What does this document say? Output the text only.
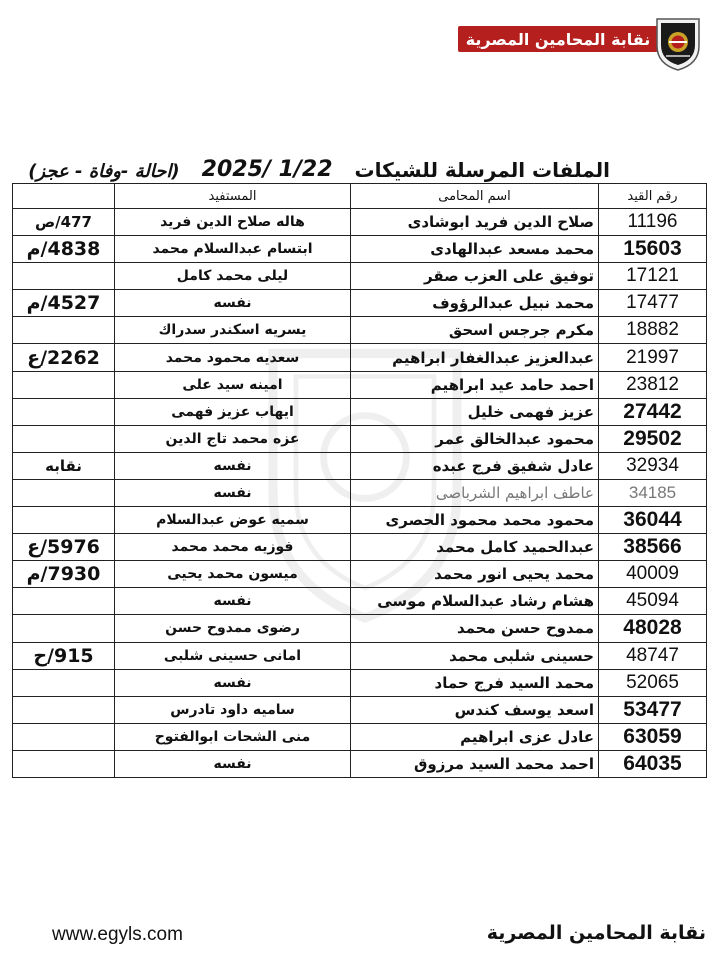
نقابة المحامين المصرية
الملفات المرسلة للشيكات
2025/ 1/22
(احالة -وفاة - عجز)
رقم القيد	اسم المحامى	المستفيد	
11196	صلاح الدين فريد ابوشادى	هاله صلاح الدين فريد	477/ص
15603	محمد مسعد عبدالهادى	ابتسام عبدالسلام محمد	4838/م
17121	توفيق على العزب صقر	ليلى محمد كامل	
17477	محمد نبيل عبدالرؤوف	نفسه	4527/م
18882	مكرم جرجس اسحق	يسريه اسكندر سدراك	
21997	عبدالعزيز عبدالغفار ابراهيم	سعديه محمود محمد	2262/ع
23812	احمد حامد عيد ابراهيم	امينه سيد على	
27442	عزيز فهمى خليل	ايهاب عزيز فهمى	
29502	محمود عبدالخالق عمر	عزه محمد تاج الدين	
32934	عادل شفيق فرج عبده	نفسه	نقابه
34185	عاطف ابراهيم الشرباصى	نفسه	
36044	محمود محمد محمود الحصرى	سميه عوض عبدالسلام	
38566	عبدالحميد كامل محمد	فوزيه محمد محمد	5976/ع
40009	محمد يحيى انور محمد	ميسون محمد يحيى	7930/م
45094	هشام رشاد عبدالسلام موسى	نفسه	
48028	ممدوح حسن محمد	رضوى ممدوح حسن	
48747	حسينى شلبى محمد	امانى حسينى شلبى	915/ح
52065	محمد السيد فرج حماد	نفسه	
53477	اسعد يوسف كندس	ساميه داود تادرس	
63059	عادل عزى ابراهيم	منى الشحات ابوالفتوح	
64035	احمد محمد السيد مرزوق	نفسه	
www.egyls.com	نقابة المحامين المصرية
